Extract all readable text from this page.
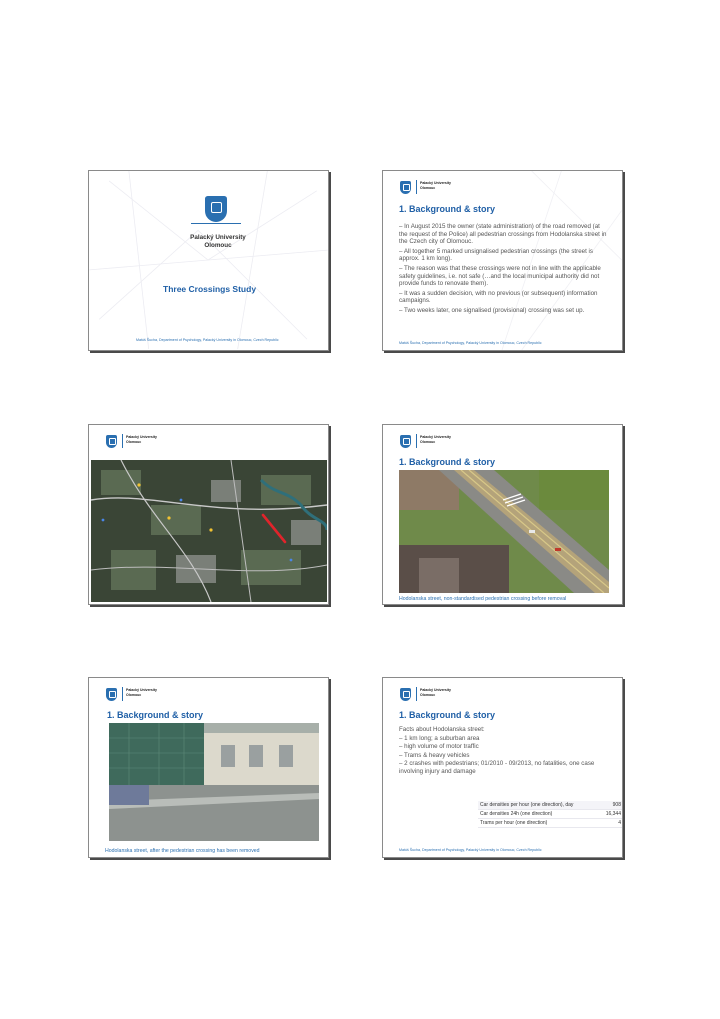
Palacký University
Olomouc
Three Crossings Study
Matúš Šucha, Department of Psychology, Palacký University in Olomouc, Czech Republic
Palacký University
Olomouc
1. Background & story
– In August 2015 the owner (state administration) of the road removed (at the request of the Police) all pedestrian crossings from Hodolanska street in the Czech city of Olomouc.
– All together 5 marked unsignalised pedestrian crossings (the street is approx. 1 km long).
– The reason was that these crossings were not in line with the applicable safety guidelines, i.e. not safe (…and the local municipal authority did not provide funds to renovate them).
– It was a sudden decision, with no previous (or subsequent) information campaigns.
– Two weeks later, one signalised (provisional) crossing was set up.
Matúš Šucha, Department of Psychology, Palacký University in Olomouc, Czech Republic
Palacký University
Olomouc
Palacký University
Olomouc
1. Background & story
Hodolanska street, non-standardised pedestrian crossing before removal
Palacký University
Olomouc
1. Background & story
Hodolanska street, after the pedestrian crossing has been removed
Palacký University
Olomouc
1. Background & story
Facts about Hodolanska street:
– 1 km long; a suburban area
– high volume of motor traffic
– Trams & heavy vehicles
– 2 crashes with pedestrians; 01/2010 - 09/2013, no fatalities, one case involving injury and damage
Car densities per hour (one direction), day	908
Car densities 24h (one direction)	16,344
Trams per hour (one direction)	4
Matúš Šucha, Department of Psychology, Palacký University in Olomouc, Czech Republic
